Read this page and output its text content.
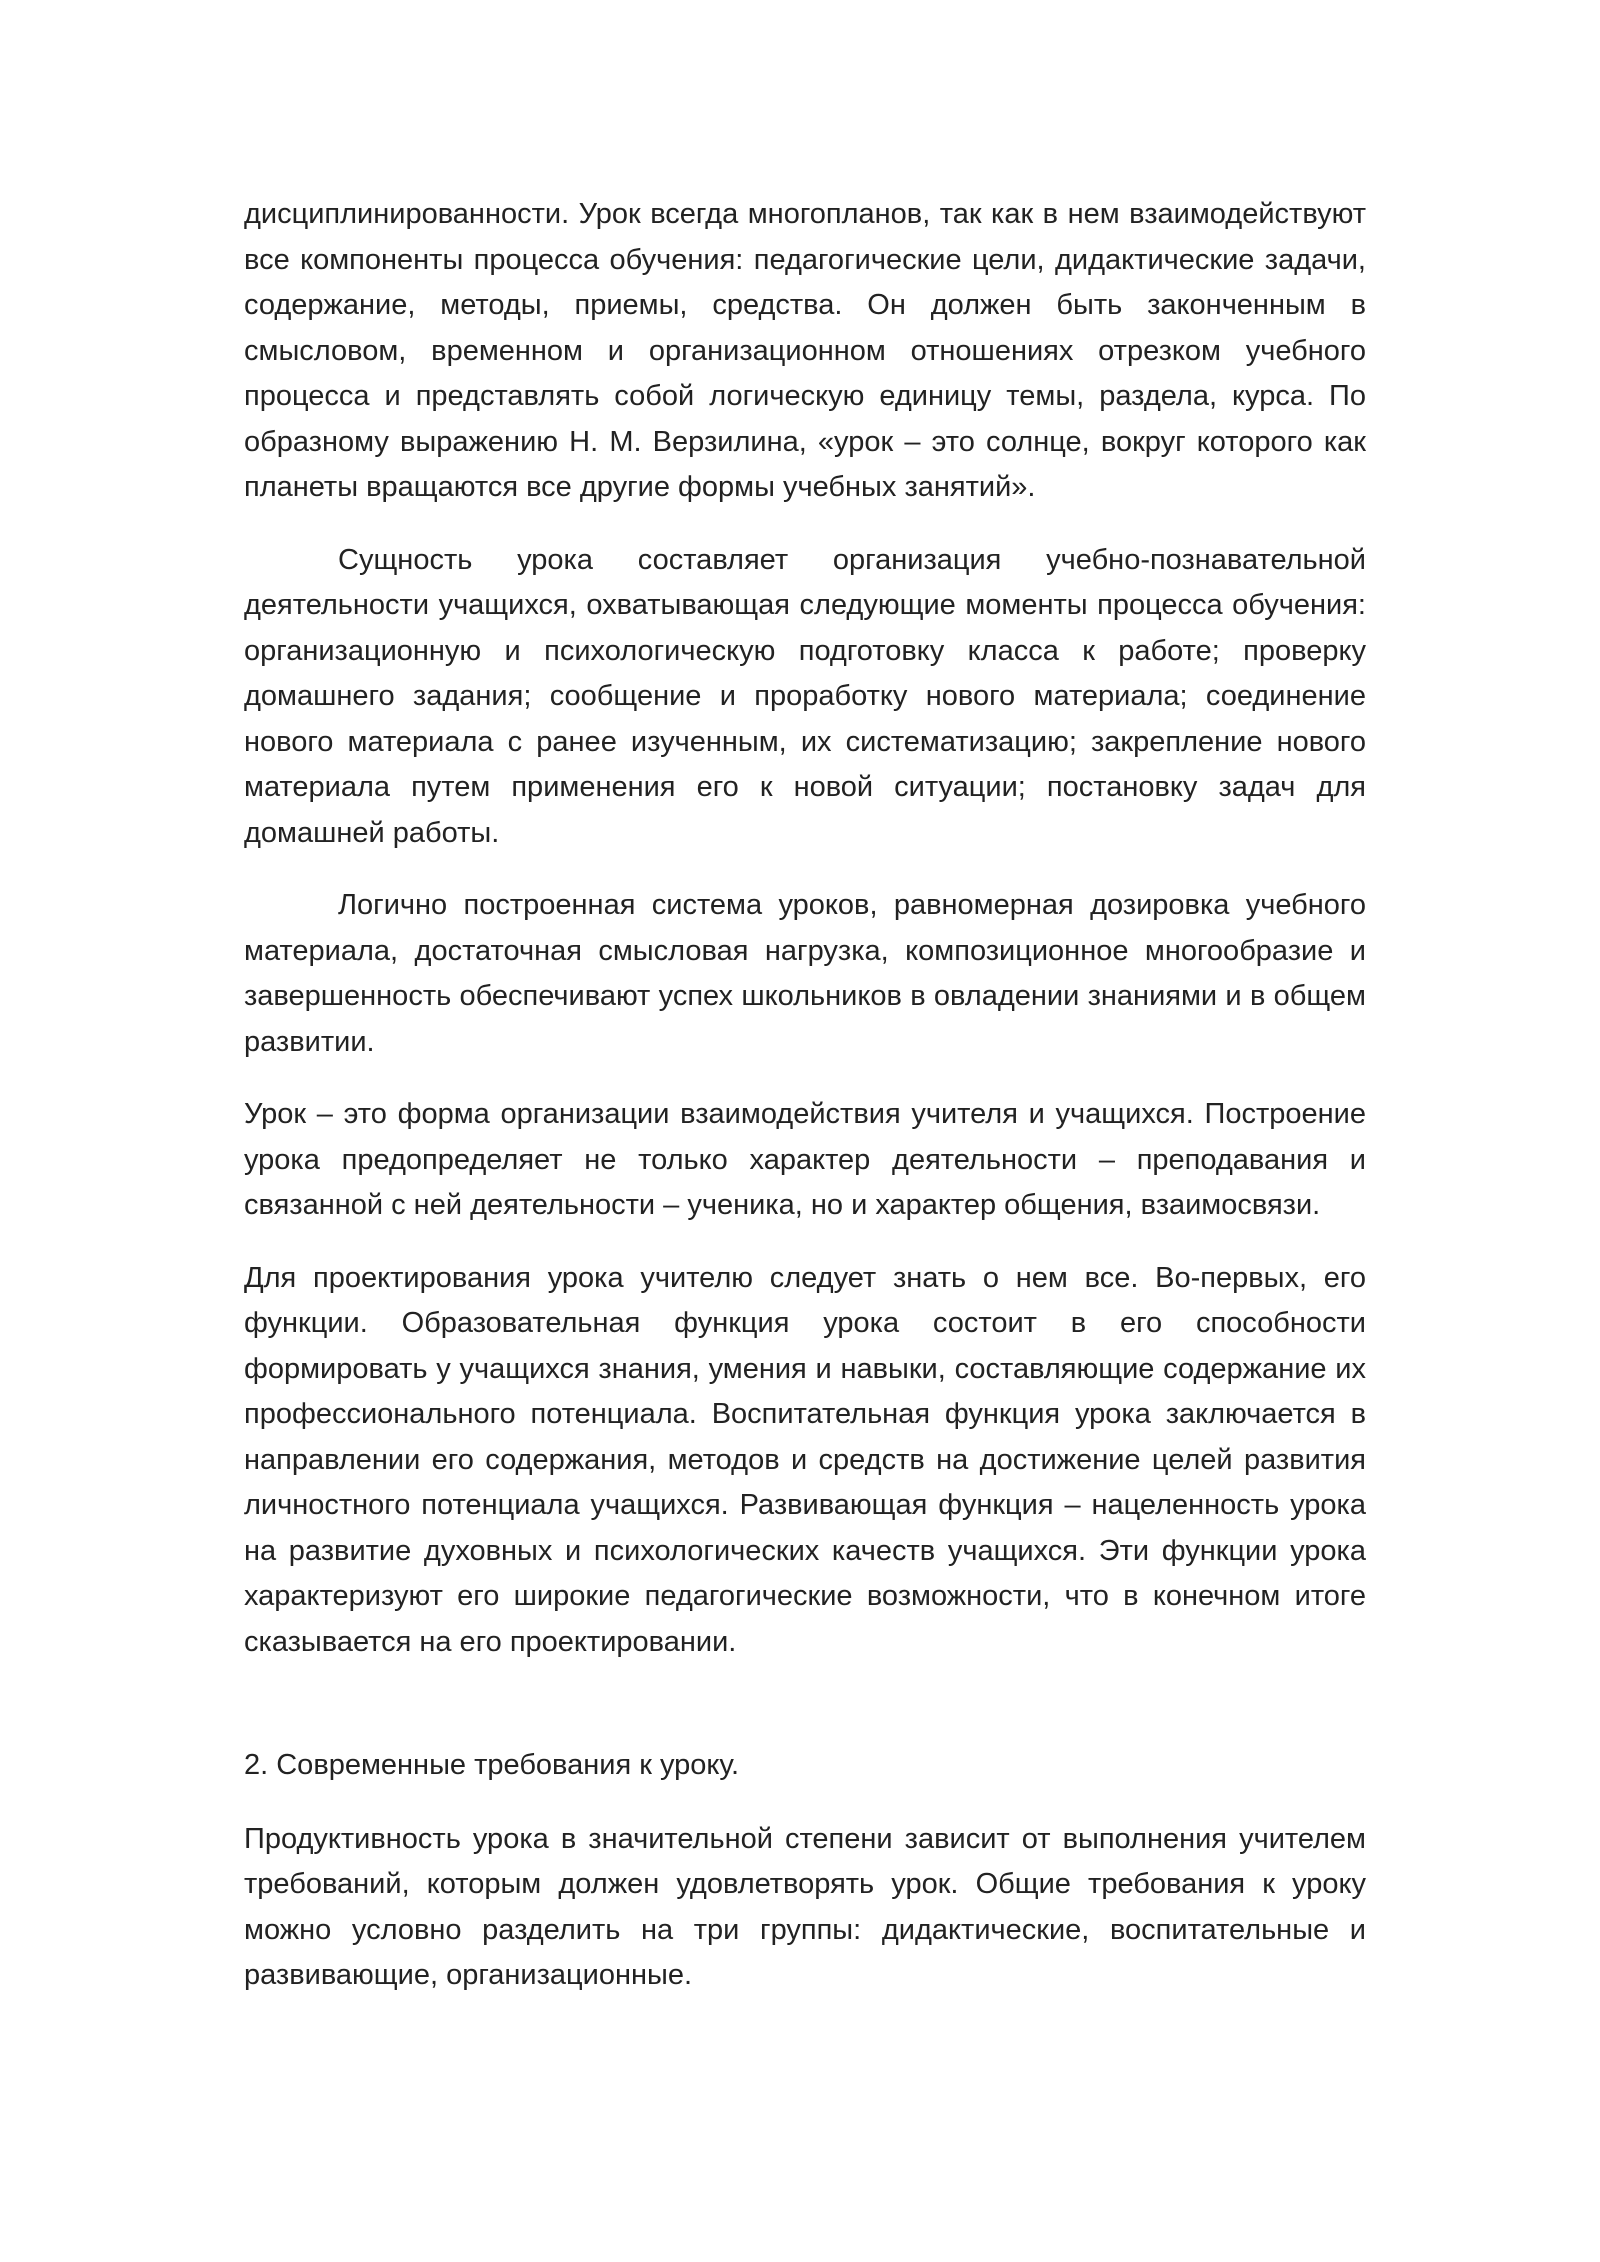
дисциплинированности. Урок всегда многопланов, так как в нем взаимодействуют все компоненты процесса обучения: педагогические цели, дидактические задачи, содержание, методы, приемы, средства. Он должен быть законченным в смысловом, временном и организационном отношениях отрезком учебного процесса и представлять собой логическую единицу темы, раздела, курса. По образному выражению Н. М. Верзилина, «урок – это солнце, вокруг которого как планеты вращаются все другие формы учебных занятий».

Сущность урока составляет организация учебно-познавательной деятельности учащихся, охватывающая следующие моменты процесса обучения: организационную и психологическую подготовку класса к работе; проверку домашнего задания; сообщение и проработку нового материала; соединение нового материала с ранее изученным, их систематизацию; закрепление нового материала путем применения его к новой ситуации; постановку задач для домашней работы.

Логично построенная система уроков, равномерная дозировка учебного материала, достаточная смысловая нагрузка, композиционное многообразие и завершенность обеспечивают успех школьников в овладении знаниями и в общем развитии.

Урок – это форма организации взаимодействия учителя и учащихся. Построение урока предопределяет не только характер деятельности – преподавания и связанной с ней деятельности – ученика, но и характер общения, взаимосвязи.

Для проектирования урока учителю следует знать о нем все. Во-первых, его функции. Образовательная функция урока состоит в его способности формировать у учащихся знания, умения и навыки, составляющие содержание их профессионального потенциала. Воспитательная функция урока заключается в направлении его содержания, методов и средств на достижение целей развития личностного потенциала учащихся. Развивающая функция – нацеленность урока на развитие духовных и психологических качеств учащихся. Эти функции урока характеризуют его широкие педагогические возможности, что в конечном итоге сказывается на его проектировании.

2. Современные требования к уроку.

Продуктивность урока в значительной степени зависит от выполнения учителем требований, которым должен удовлетворять урок. Общие требования к уроку можно условно разделить на три группы: дидактические, воспитательные и развивающие, организационные.
